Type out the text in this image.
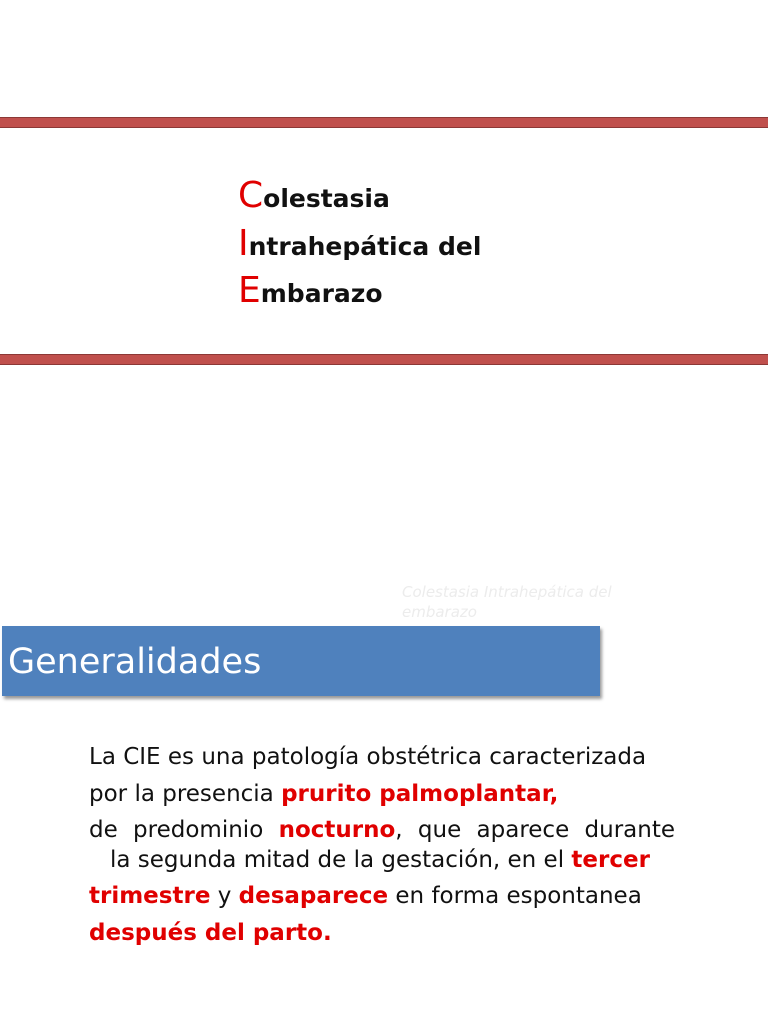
Colestasia
Intrahepática del
Embarazo
Colestasia Intrahepática del embarazo
Generalidades
La CIE es una patología obstétrica caracterizada
por la presencia prurito palmoplantar,
de predominio nocturno, que aparece durante
la segunda mitad de la gestación, en el tercer
trimestre y desaparece en forma espontanea
después del parto.
